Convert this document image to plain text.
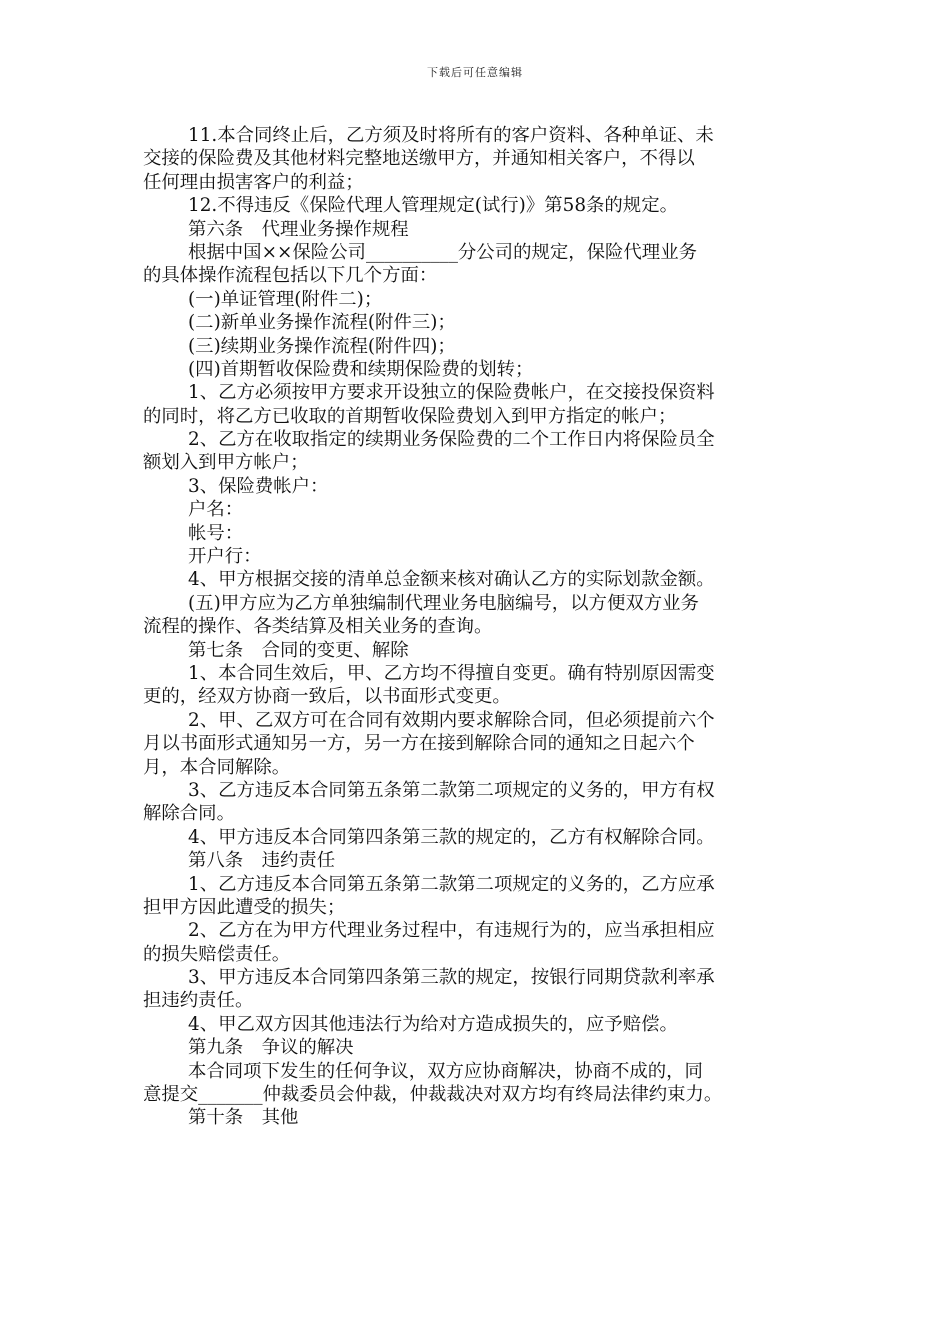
下载后可任意编辑
11.本合同终止后，乙方须及时将所有的客户资料、各种单证、未
交接的保险费及其他材料完整地送缴甲方，并通知相关客户，不得以
任何理由损害客户的利益；
12.不得违反《保险代理人管理规定(试行)》第58条的规定。
第六条　代理业务操作规程
根据中国××保险公司__________分公司的规定，保险代理业务
的具体操作流程包括以下几个方面：
(一)单证管理(附件二)；
(二)新单业务操作流程(附件三)；
(三)续期业务操作流程(附件四)；
(四)首期暂收保险费和续期保险费的划转；
1、乙方必须按甲方要求开设独立的保险费帐户，在交接投保资料
的同时，将乙方已收取的首期暂收保险费划入到甲方指定的帐户；
2、乙方在收取指定的续期业务保险费的二个工作日内将保险员全
额划入到甲方帐户；
3、保险费帐户：
户名：
帐号：
开户行：
4、甲方根据交接的清单总金额来核对确认乙方的实际划款金额。
(五)甲方应为乙方单独编制代理业务电脑编号，以方便双方业务
流程的操作、各类结算及相关业务的查询。
第七条　合同的变更、解除
1、本合同生效后，甲、乙方均不得擅自变更。确有特别原因需变
更的，经双方协商一致后，以书面形式变更。
2、甲、乙双方可在合同有效期内要求解除合同，但必须提前六个
月以书面形式通知另一方，另一方在接到解除合同的通知之日起六个
月，本合同解除。
3、乙方违反本合同第五条第二款第二项规定的义务的，甲方有权
解除合同。
4、甲方违反本合同第四条第三款的规定的，乙方有权解除合同。
第八条　违约责任
1、乙方违反本合同第五条第二款第二项规定的义务的，乙方应承
担甲方因此遭受的损失；
2、乙方在为甲方代理业务过程中，有违规行为的，应当承担相应
的损失赔偿责任。
3、甲方违反本合同第四条第三款的规定，按银行同期贷款利率承
担违约责任。
4、甲乙双方因其他违法行为给对方造成损失的，应予赔偿。
第九条　争议的解决
本合同项下发生的任何争议，双方应协商解决，协商不成的，同
意提交_______仲裁委员会仲裁，仲裁裁决对双方均有终局法律约束力。
第十条　其他
